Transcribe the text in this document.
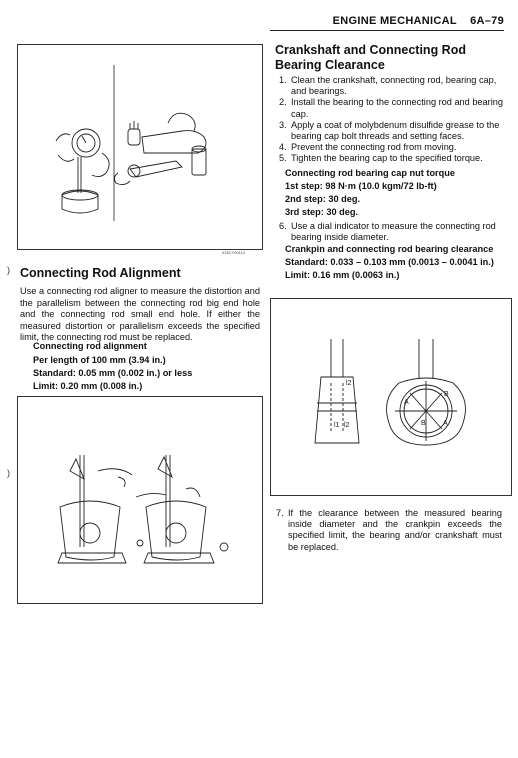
ENGINE MECHANICAL 6A–79
)
)
015CY00112
Connecting Rod Alignment
Use a connecting rod aligner to measure the distortion and the parallelism between the connecting rod big end hole and the connecting rod small end hole. If either the measured distortion or parallelism exceeds the specified limit, the connecting rod must be replaced.
Connecting rod alignment
Per length of 100 mm (3.94 in.)
Standard: 0.05 mm (0.002 in.) or less
Limit: 0.20 mm (0.008 in.)
Crankshaft and Connecting Rod Bearing Clearance
1. Clean the crankshaft, connecting rod, bearing cap, and bearings.
2. Install the bearing to the connecting rod and bearing cap.
3. Apply a coat of molybdenum disulfide grease to the bearing cap bolt threads and setting faces.
4. Prevent the connecting rod from moving.
5. Tighten the bearing cap to the specified torque.
Connecting rod bearing cap nut torque
1st step: 98 N·m (10.0 kgm/72 lb-ft)
2nd step: 30 deg.
3rd step: 30 deg.
6. Use a dial indicator to measure the connecting rod bearing inside diameter.
Crankpin and connecting rod bearing clearance
Standard: 0.033 – 0.103 mm (0.0013 – 0.0041 in.)
Limit: 0.16 mm (0.0063 in.)
l2
l1 l2
A
B
A
B
7. If the clearance between the measured bearing inside diameter and the crankpin exceeds the specified limit, the bearing and/or crankshaft must be replaced.
